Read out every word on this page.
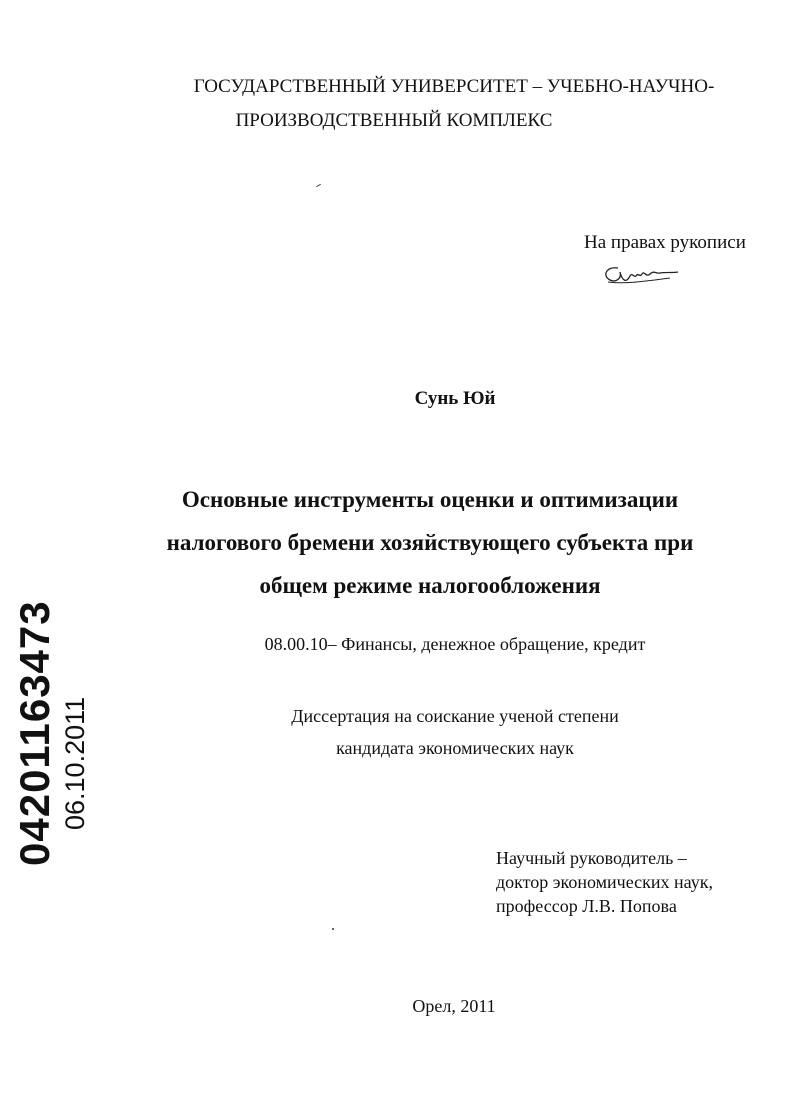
ГОСУДАРСТВЕННЫЙ УНИВЕРСИТЕТ – УЧЕБНО-НАУЧНО-
ПРОИЗВОДСТВЕННЫЙ КОМПЛЕКС
На правах рукописи
Сунь Юй
Основные инструменты оценки и оптимизации
налогового бремени хозяйствующего субъекта при
общем режиме налогообложения
08.00.10– Финансы, денежное обращение, кредит
Диссертация на соискание ученой степени
кандидата экономических наук
Научный руководитель –
доктор экономических наук,
профессор Л.В. Попова
Орел, 2011
04201163473 06.10.2011
